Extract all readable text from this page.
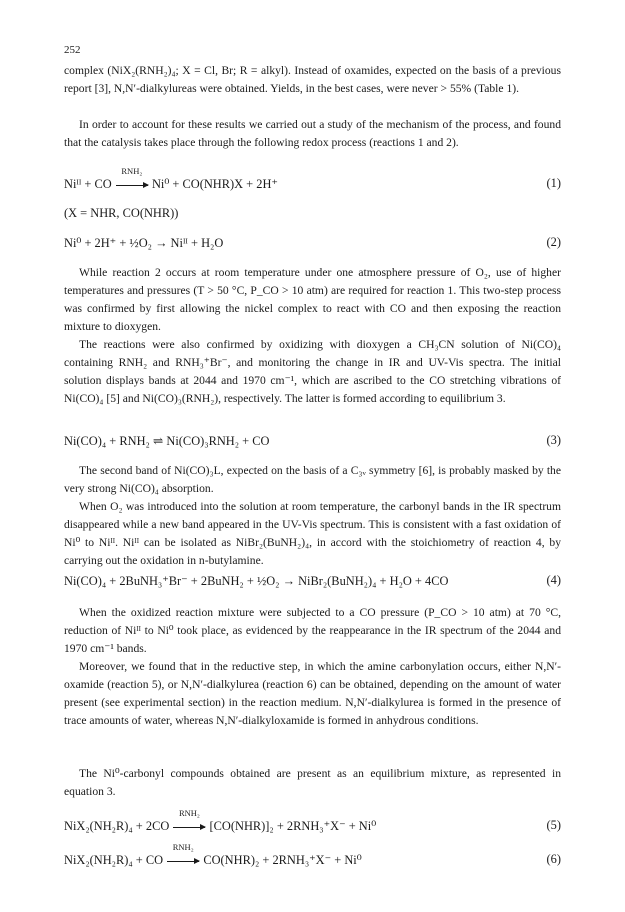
252

complex (NiX₂(RNH₂)₄; X = Cl, Br; R = alkyl). Instead of oxamides, expected on the basis of a previous report [3], N,N′-dialkylureas were obtained. Yields, in the best cases, were never > 55% (Table 1).

In order to account for these results we carried out a study of the mechanism of the process, and found that the catalysis takes place through the following redox process (reactions 1 and 2).

Niᴵᴵ + CO
RNH₂
Ni⁰ + CO(NHR)X + 2H⁺	(1)
(X = NHR, CO(NHR))
Ni⁰ + 2H⁺ + ½O₂ → Niᴵᴵ + H₂O	(2)

While reaction 2 occurs at room temperature under one atmosphere pressure of O₂, use of higher temperatures and pressures (T > 50 °C, P_CO > 10 atm) are required for reaction 1. This two-step process was confirmed by first allowing the nickel complex to react with CO and then exposing the reaction mixture to dioxygen.

The reactions were also confirmed by oxidizing with dioxygen a CH₃CN solution of Ni(CO)₄ containing RNH₂ and RNH₃⁺Br⁻, and monitoring the change in IR and UV-Vis spectra. The initial solution displays bands at 2044 and 1970 cm⁻¹, which are ascribed to the CO stretching vibrations of Ni(CO)₄ [5] and Ni(CO)₃(RNH₂), respectively. The latter is formed according to equilibrium 3.

Ni(CO)₄ + RNH₂ ⇌ Ni(CO)₃RNH₂ + CO	(3)

The second band of Ni(CO)₃L, expected on the basis of a C₃ᵥ symmetry [6], is probably masked by the very strong Ni(CO)₄ absorption.

When O₂ was introduced into the solution at room temperature, the carbonyl bands in the IR spectrum disappeared while a new band appeared in the UV-Vis spectrum. This is consistent with a fast oxidation of Ni⁰ to Niᴵᴵ. Niᴵᴵ can be isolated as NiBr₂(BuNH₂)₄, in accord with the stoichiometry of reaction 4, by carrying out the oxidation in n-butylamine.

Ni(CO)₄ + 2BuNH₃⁺Br⁻ + 2BuNH₂ + ½O₂ → NiBr₂(BuNH₂)₄ + H₂O + 4CO	(4)

When the oxidized reaction mixture were subjected to a CO pressure (P_CO > 10 atm) at 70 °C, reduction of Niᴵᴵ to Ni⁰ took place, as evidenced by the reappearance in the IR spectrum of the 2044 and 1970 cm⁻¹ bands.

Moreover, we found that in the reductive step, in which the amine carbonylation occurs, either N,N′-oxamide (reaction 5), or N,N′-dialkylurea (reaction 6) can be obtained, depending on the amount of water present (see experimental section) in the reaction medium. N,N′-dialkylurea is formed in the presence of trace amounts of water, whereas N,N′-dialkyloxamide is formed in anhydrous conditions.

The Ni⁰-carbonyl compounds obtained are present as an equilibrium mixture, as represented in equation 3.

NiX₂(NH₂R)₄ + 2CO
RNH₂
[CO(NHR)]₂ + 2RNH₃⁺X⁻ + Ni⁰	(5)
NiX₂(NH₂R)₄ + CO
RNH₂
CO(NHR)₂ + 2RNH₃⁺X⁻ + Ni⁰	(6)
